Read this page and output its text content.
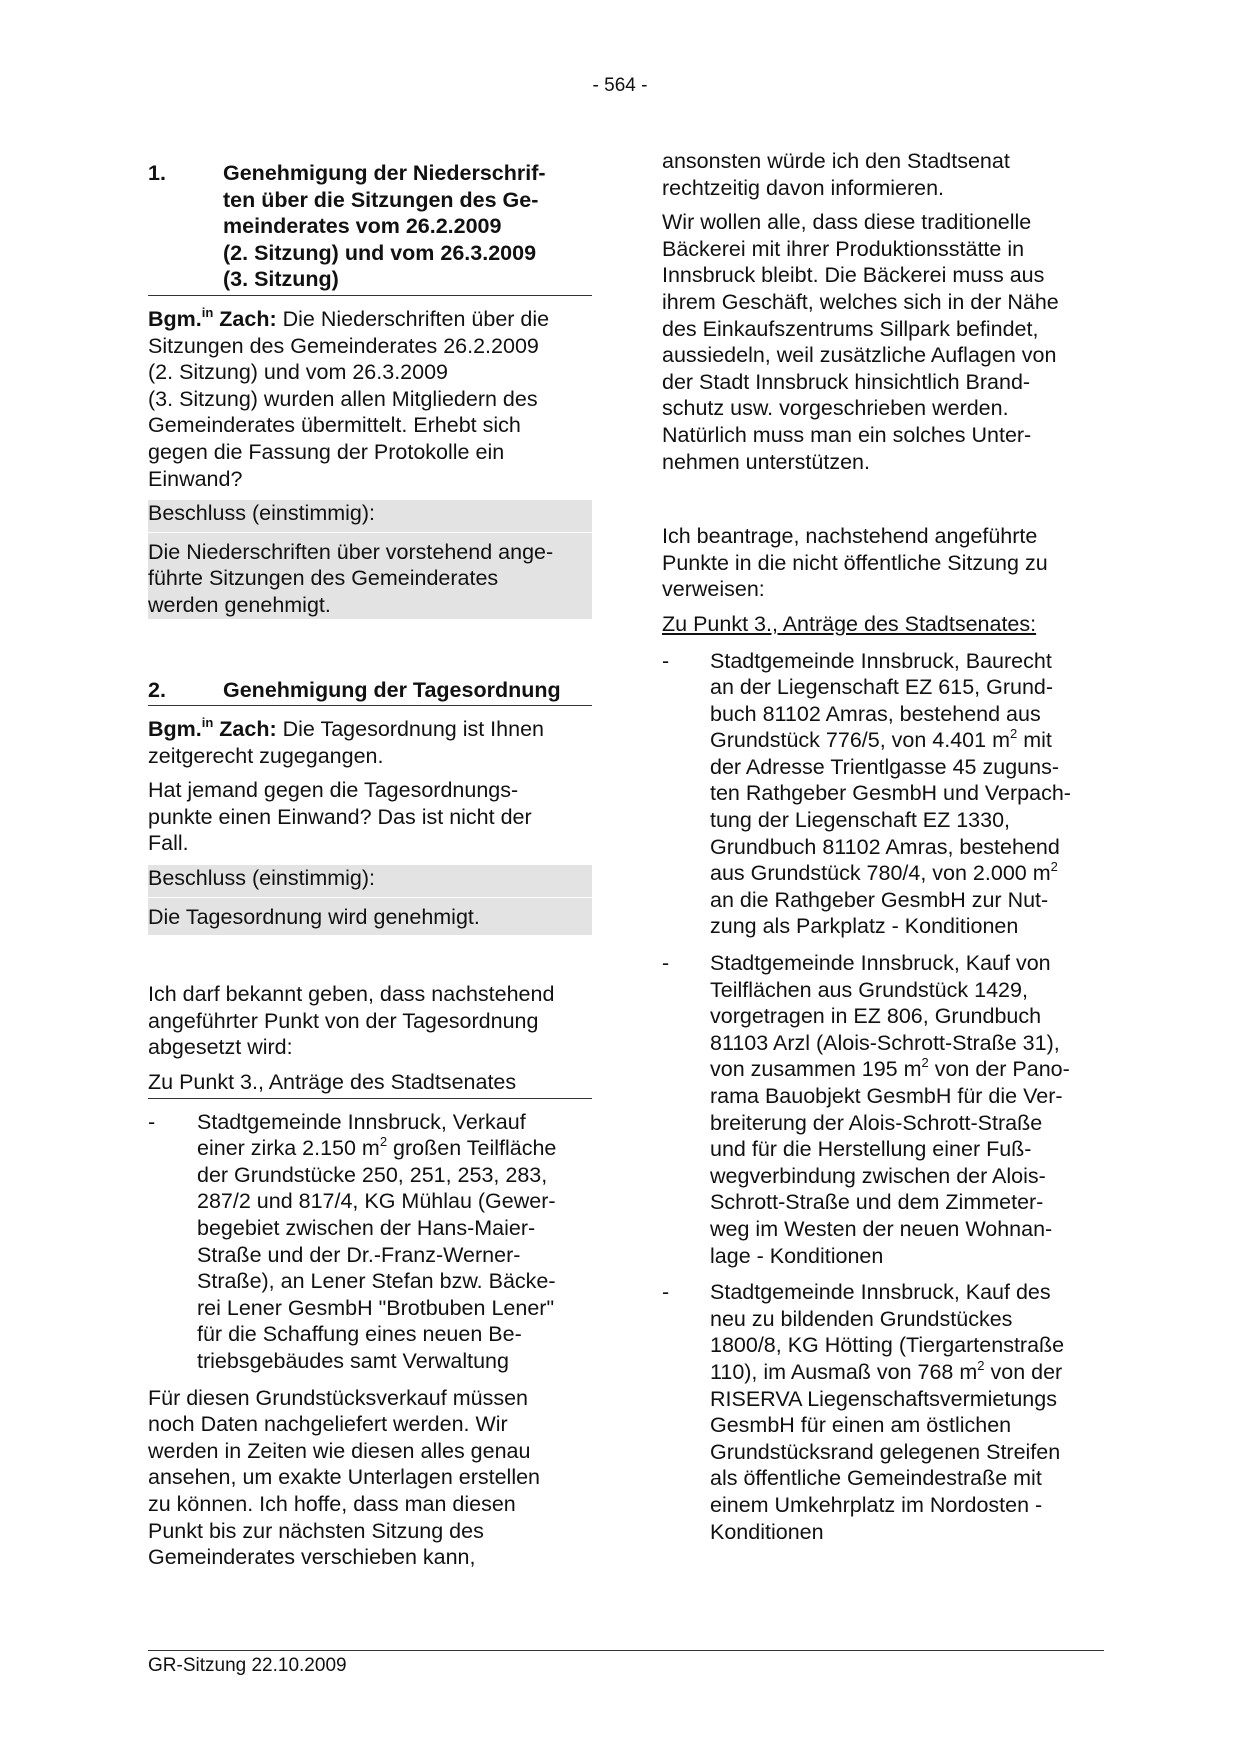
- 564 -
1.	Genehmigung der Niederschrif-
ten über die Sitzungen des Ge-
meinderates vom 26.2.2009
(2. Sitzung) und vom 26.3.2009
(3. Sitzung)

Bgm.$^{in}$ Zach: Die Niederschriften über die
Sitzungen des Gemeinderates 26.2.2009
(2. Sitzung) und vom 26.3.2009
(3. Sitzung) wurden allen Mitgliedern des
Gemeinderates übermittelt. Erhebt sich
gegen die Fassung der Protokolle ein
Einwand?

Beschluss (einstimmig):
Die Niederschriften über vorstehend ange-
führte Sitzungen des Gemeinderates
werden genehmigt.
2.	Genehmigung der Tagesordnung

Bgm.$^{in}$ Zach: Die Tagesordnung ist Ihnen
zeitgerecht zugegangen.

Hat jemand gegen die Tagesordnungs-
punkte einen Einwand? Das ist nicht der
Fall.

Beschluss (einstimmig):
Die Tagesordnung wird genehmigt.

Ich darf bekannt geben, dass nachstehend
angeführter Punkt von der Tagesordnung
abgesetzt wird:

Zu Punkt 3., Anträge des Stadtsenates
-	Stadtgemeinde Innsbruck, Verkauf
einer zirka 2.150 $m^2$ großen Teilfläche
der Grundstücke 250, 251, 253, 283,
287/2 und 817/4, KG Mühlau (Gewer-
begebiet zwischen der Hans-Maier-
Straße und der Dr.-Franz-Werner-
Straße), an Lener Stefan bzw. Bäcke-
rei Lener GesmbH "Brotbuben Lener"
für die Schaffung eines neuen Be-
triebsgebäudes samt Verwaltung

Für diesen Grundstücksverkauf müssen
noch Daten nachgeliefert werden. Wir
werden in Zeiten wie diesen alles genau
ansehen, um exakte Unterlagen erstellen
zu können. Ich hoffe, dass man diesen
Punkt bis zur nächsten Sitzung des
Gemeinderates verschieben kann,

ansonsten würde ich den Stadtsenat
rechtzeitig davon informieren.

Wir wollen alle, dass diese traditionelle
Bäckerei mit ihrer Produktionsstätte in
Innsbruck bleibt. Die Bäckerei muss aus
ihrem Geschäft, welches sich in der Nähe
des Einkaufszentrums Sillpark befindet,
aussiedeln, weil zusätzliche Auflagen von
der Stadt Innsbruck hinsichtlich Brand-
schutz usw. vorgeschrieben werden.
Natürlich muss man ein solches Unter-
nehmen unterstützen.

Ich beantrage, nachstehend angeführte
Punkte in die nicht öffentliche Sitzung zu
verweisen:

Zu Punkt 3., Anträge des Stadtsenates:

-	Stadtgemeinde Innsbruck, Baurecht
an der Liegenschaft EZ 615, Grund-
buch 81102 Amras, bestehend aus
Grundstück 776/5, von 4.401 $m^2$ mit
der Adresse Trientlgasse 45 zuguns-
ten Rathgeber GesmbH und Verpach-
tung der Liegenschaft EZ 1330,
Grundbuch 81102 Amras, bestehend
aus Grundstück 780/4, von 2.000 $m^2$
an die Rathgeber GesmbH zur Nut-
zung als Parkplatz - Konditionen
-	Stadtgemeinde Innsbruck, Kauf von
Teilflächen aus Grundstück 1429,
vorgetragen in EZ 806, Grundbuch
81103 Arzl (Alois-Schrott-Straße 31),
von zusammen 195 $m^2$ von der Pano-
rama Bauobjekt GesmbH für die Ver-
breiterung der Alois-Schrott-Straße
und für die Herstellung einer Fuß-
wegverbindung zwischen der Alois-
Schrott-Straße und dem Zimmeter-
weg im Westen der neuen Wohnan-
lage - Konditionen
-	Stadtgemeinde Innsbruck, Kauf des
neu zu bildenden Grundstückes
1800/8, KG Hötting (Tiergartenstraße
110), im Ausmaß von 768 $m^2$ von der
RISERVA Liegenschaftsvermietungs
GesmbH für einen am östlichen
Grundstücksrand gelegenen Streifen
als öffentliche Gemeindestraße mit
einem Umkehrplatz im Nordosten -
Konditionen
GR-Sitzung 22.10.2009
